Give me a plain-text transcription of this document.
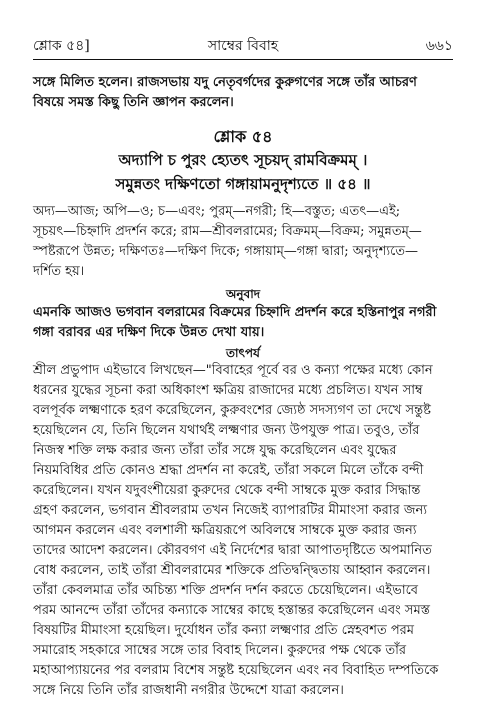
শ্লোক ৫৪]	সাম্বের বিবাহ	৬৬১
সঙ্গে মিলিত হলেন। রাজসভায় যদু নেতৃবর্গদের কুরুগণের সঙ্গে তাঁর আচরণ
বিষয়ে সমস্ত কিছু তিনি জ্ঞাপন করলেন।
শ্লোক ৫৪
অদ্যাপি চ পুরং হ্যেতৎ সূচয়দ্ রামবিক্রমম্ ।
সমুন্নতং দক্ষিণতো গঙ্গায়ামনুদৃশ্যতে ॥ ৫৪ ॥
অদ্য—আজ; অপি—ও; চ—এবং; পুরম্—নগরী; হি—বস্তুত; এতৎ—এই;
সূচয়ৎ—চিহ্নাদি প্রদর্শন করে; রাম—শ্রীবলরামের; বিক্রমম্—বিক্রম; সমুন্নতম্—
স্পষ্টরূপে উন্নত; দক্ষিণতঃ—দক্ষিণ দিকে; গঙ্গায়াম্—গঙ্গা দ্বারা; অনুদৃশ্যতে—
দর্শিত হয়।
অনুবাদ
এমনকি আজও ভগবান বলরামের বিক্রমের চিহ্নাদি প্রদর্শন করে হস্তিনাপুর নগরী
গঙ্গা বরাবর এর দক্ষিণ দিকে উন্নত দেখা যায়।
তাৎপর্য
শ্রীল প্রভুপাদ এইভাবে লিখছেন—"বিবাহের পূর্বে বর ও কন্যা পক্ষের মধ্যে কোন
ধরনের যুদ্ধের সূচনা করা অধিকাংশ ক্ষত্রিয় রাজাদের মধ্যে প্রচলিত। যখন সাম্ব
বলপূর্বক লক্ষ্মণাকে হরণ করেছিলেন, কুরুবংশের জ্যেষ্ঠ সদস্যগণ তা দেখে সন্তুষ্ট
হয়েছিলেন যে, তিনি ছিলেন যথার্থই লক্ষ্মণার জন্য উপযুক্ত পাত্র। তবুও, তাঁর
নিজস্ব শক্তি লক্ষ করার জন্য তাঁরা তাঁর সঙ্গে যুদ্ধ করেছিলেন এবং যুদ্ধের
নিয়মবিধির প্রতি কোনও শ্রদ্ধা প্রদর্শন না করেই, তাঁরা সকলে মিলে তাঁকে বন্দী
করেছিলেন। যখন যদুবংশীয়েরা কুরুদের থেকে বন্দী সাম্বকে মুক্ত করার সিদ্ধান্ত
গ্রহণ করলেন, ভগবান শ্রীবলরাম তখন নিজেই ব্যাপারটির মীমাংসা করার জন্য
আগমন করলেন এবং বলশালী ক্ষত্রিয়রূপে অবিলম্বে সাম্বকে মুক্ত করার জন্য
তাদের আদেশ করলেন। কৌরবগণ এই নির্দেশের দ্বারা আপাতদৃষ্টিতে অপমানিত
বোধ করলেন, তাই তাঁরা শ্রীবলরামের শক্তিকে প্রতিদ্বন্দ্বিতায় আহ্বান করলেন।
তাঁরা কেবলমাত্র তাঁর অচিন্ত্য শক্তি প্রদর্শন দর্শন করতে চেয়েছিলেন। এইভাবে
পরম আনন্দে তাঁরা তাঁদের কন্যাকে সাম্বের কাছে হস্তান্তর করেছিলেন এবং সমস্ত
বিষয়টির মীমাংসা হয়েছিল। দুর্যোধন তাঁর কন্যা লক্ষ্মণার প্রতি স্নেহবশত পরম
সমারোহ সহকারে সাম্বের সঙ্গে তার বিবাহ দিলেন। কুরুদের পক্ষ থেকে তাঁর
মহাআপ্যায়নের পর বলরাম বিশেষ সন্তুষ্ট হয়েছিলেন এবং নব বিবাহিত দম্পতিকে
সঙ্গে নিয়ে তিনি তাঁর রাজধানী নগরীর উদ্দেশে যাত্রা করলেন।
